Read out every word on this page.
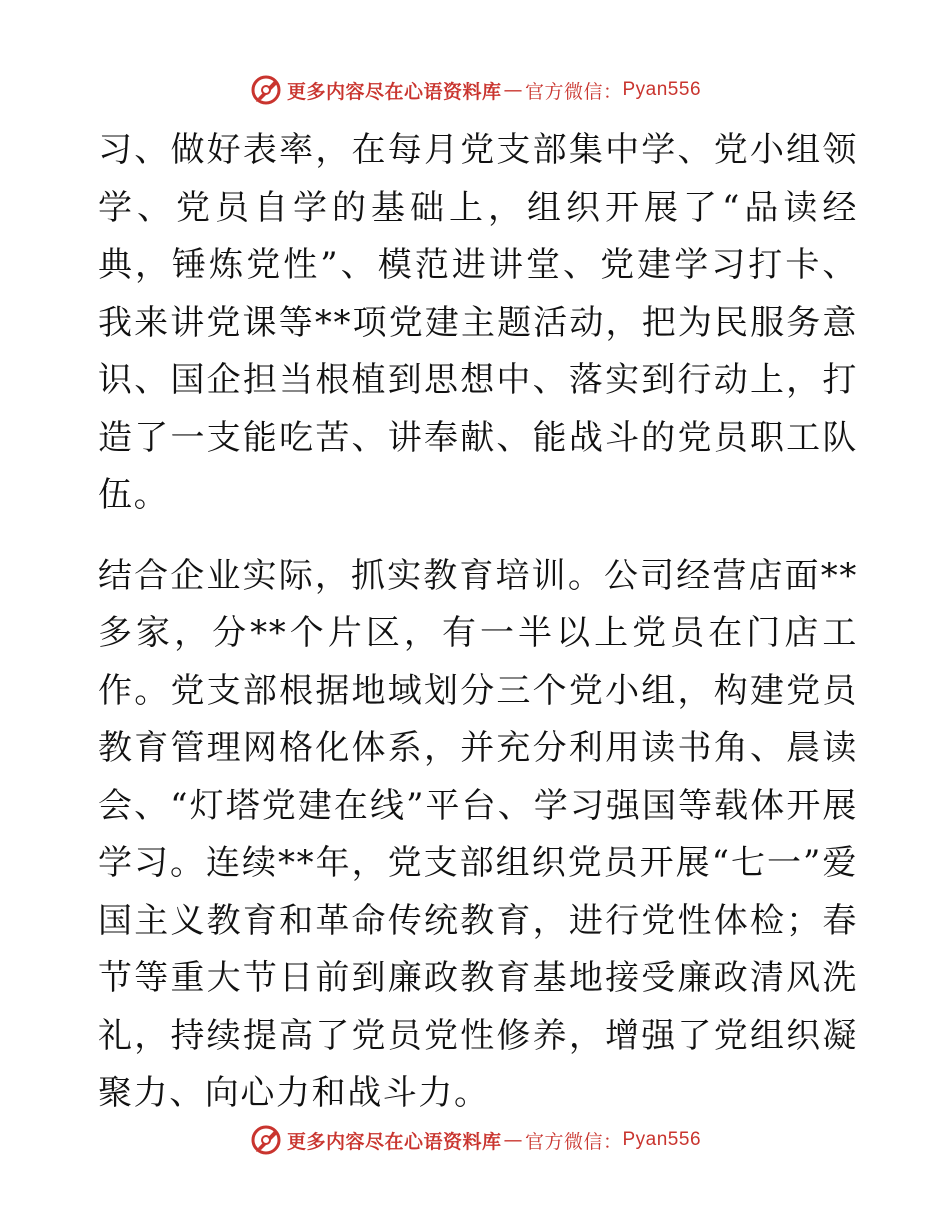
更多内容尽在心语资料库 — 官方微信： Pyan556

习、做好表率，在每月党支部集中学、党小组领学、党员自学的基础上，组织开展了“品读经典，锤炼党性”、模范进讲堂、党建学习打卡、我来讲党课等**项党建主题活动，把为民服务意识、国企担当根植到思想中、落实到行动上，打造了一支能吃苦、讲奉献、能战斗的党员职工队伍。

结合企业实际，抓实教育培训。公司经营店面**多家，分**个片区，有一半以上党员在门店工作。党支部根据地域划分三个党小组，构建党员教育管理网格化体系，并充分利用读书角、晨读会、“灯塔党建在线”平台、学习强国等载体开展学习。连续**年，党支部组织党员开展“七一”爱国主义教育和革命传统教育，进行党性体检；春节等重大节日前到廉政教育基地接受廉政清风洗礼，持续提高了党员党性修养，增强了党组织凝聚力、向心力和战斗力。

更多内容尽在心语资料库 — 官方微信： Pyan556
